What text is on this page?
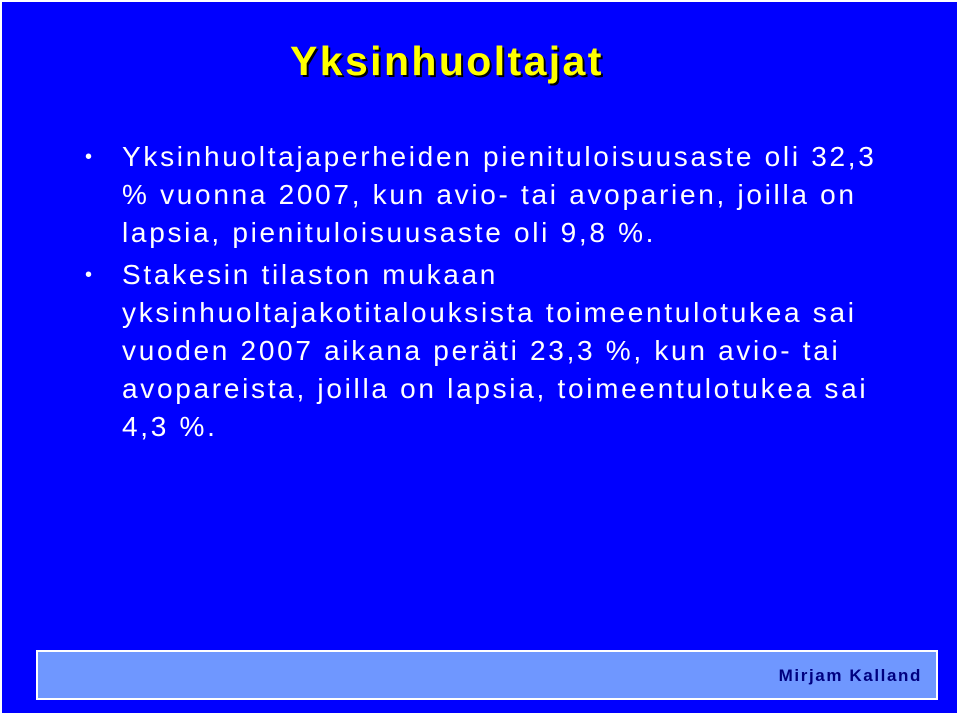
Yksinhuoltajat
• Yksinhuoltajaperheiden pienituloisuusaste oli 32,3 % vuonna 2007, kun avio- tai avoparien, joilla on lapsia, pienituloisuusaste oli 9,8 %.
• Stakesin tilaston mukaan yksinhuoltajakotitalouksista toimeentulotukea sai vuoden 2007 aikana peräti 23,3 %, kun avio- tai avopareista, joilla on lapsia, toimeentulotukea sai 4,3 %.
Mirjam Kalland
